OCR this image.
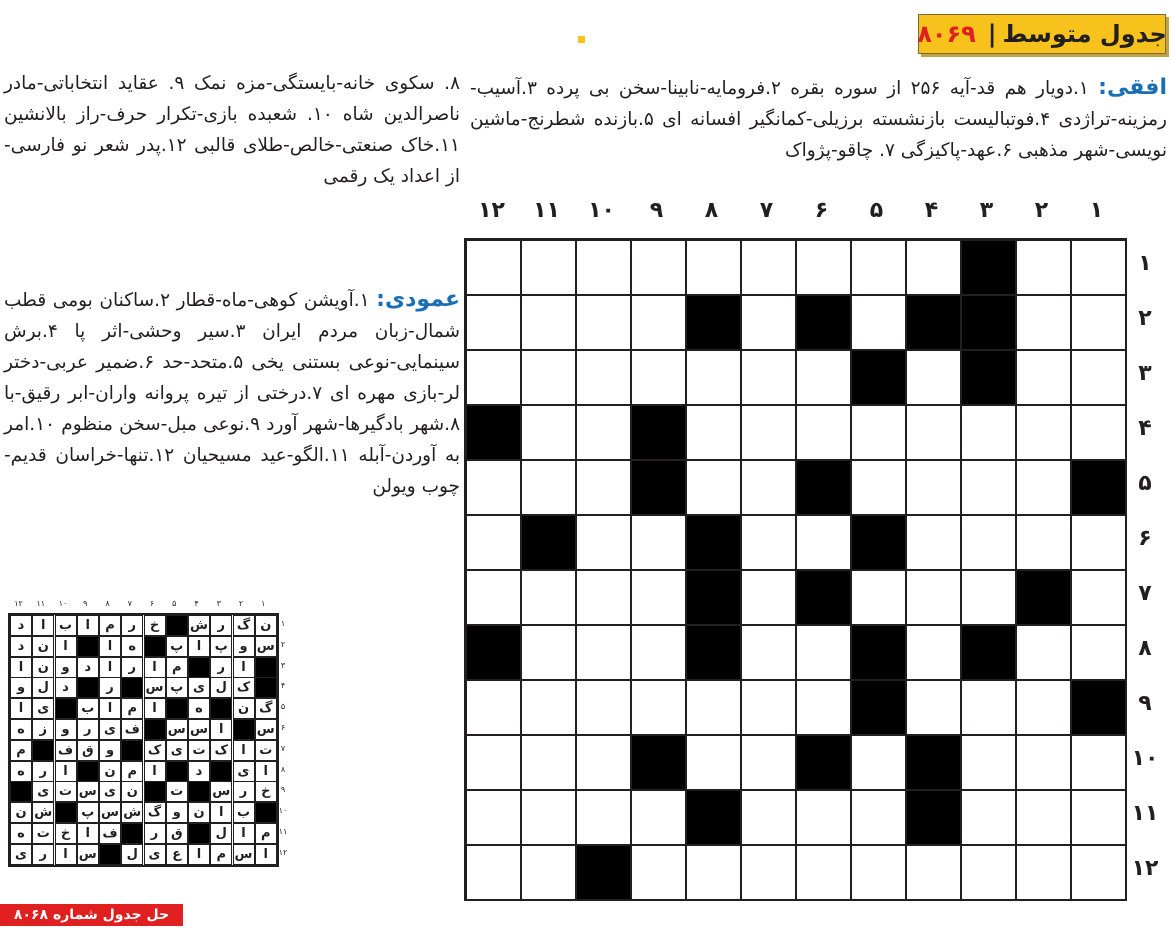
جدول متوسط
|
۸۰۶۹
افقی: ۱.دویار هم قد-آیه ۲۵۶ از سوره بقره ۲.فرومایه-نابینا-سخن بی پرده ۳.آسیب-رمزینه-تراژدی ۴.فوتبالیست بازنشسته برزیلی-کمانگیر افسانه ای ۵.بازنده شطرنج-ماشین نویسی-شهر مذهبی ۶.عهد-پاکیزگی ۷. چاقو-پژواک
۸. سکوی خانه-بایستگی-مزه نمک ۹. عقاید انتخاباتی-مادر ناصرالدین شاه ۱۰. شعبده بازی-تکرار حرف-راز بالانشین ۱۱.خاک صنعتی-خالص-طلای قالبی ۱۲.پدر شعر نو فارسی-از اعداد یک رقمی
عمودی: ۱.آویشن کوهی-ماه-قطار ۲.ساکنان بومی قطب شمال-زبان مردم ایران ۳.سیر وحشی-اثر پا ۴.برش سینمایی-نوعی بستنی یخی ۵.متحد-حد ۶.ضمیر عربی-دختر لر-بازی مهره ای ۷.درختی از تیره پروانه واران-ابر رقیق-با ۸.شهر بادگیرها-شهر آورد ۹.نوعی مبل-سخن منظوم ۱۰.امر به آوردن-آبله ۱۱.الگو-عید مسیحیان ۱۲.تنها-خراسان قدیم-چوب ویولن
۱
۲
۳
۴
۵
۶
۷
۸
۹
۱۰
۱۱
۱۲
۱
۲
۳
۴
۵
۶
۷
۸
۹
۱۰
۱۱
۱۲
۱
۲
۳
۴
۵
۶
۷
۸
۹
۱۰
۱۱
۱۲
۱
۲
۳
۴
۵
۶
۷
۸
۹
۱۰
۱۱
۱۲
ن
گ
ر
ش
خ
ر
م
ا
ب
ا
د
س
و
پ
ا
پ
ه
ا
ا
ن
د
ا
ر
م
ا
ر
ا
د
و
ن
ا
ک
ل
ی
پ
س
ر
د
ل
و
گ
ن
ه
ا
م
ا
ب
ی
ا
س
ا
س
س
ف
ی
ر
و
ز
ه
ت
ا
ک
ت
ی
ک
و
ق
ف
م
ا
ی
د
ا
م
ن
ا
ر
ه
خ
ر
س
ت
ن
ی
س
ت
ی
ب
ا
ن
و
گ
ش
س
پ
ش
ن
م
ا
ل
ق
ر
ف
ا
خ
ت
ه
ا
س
م
ا
ع
ی
ل
س
ا
ر
ی
حل جدول شماره ۸۰۶۸
